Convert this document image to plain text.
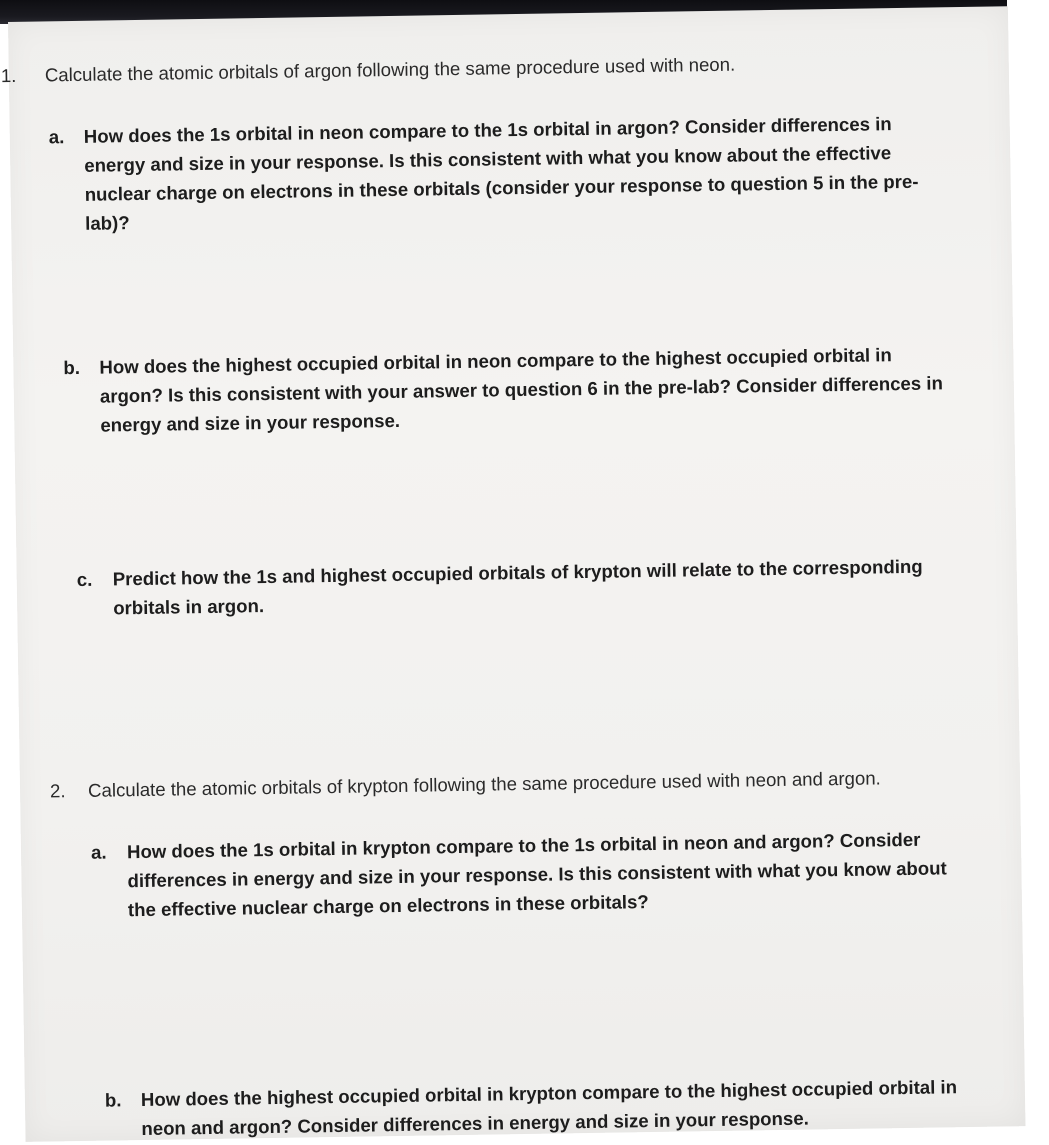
1. Calculate the atomic orbitals of argon following the same procedure used with neon.
a. How does the 1s orbital in neon compare to the 1s orbital in argon? Consider differences in
energy and size in your response. Is this consistent with what you know about the effective
nuclear charge on electrons in these orbitals (consider your response to question 5 in the pre-
lab)?
b. How does the highest occupied orbital in neon compare to the highest occupied orbital in
argon? Is this consistent with your answer to question 6 in the pre-lab? Consider differences in
energy and size in your response.
c. Predict how the 1s and highest occupied orbitals of krypton will relate to the corresponding
orbitals in argon.
2. Calculate the atomic orbitals of krypton following the same procedure used with neon and argon.
a. How does the 1s orbital in krypton compare to the 1s orbital in neon and argon? Consider
differences in energy and size in your response. Is this consistent with what you know about
the effective nuclear charge on electrons in these orbitals?
b. How does the highest occupied orbital in krypton compare to the highest occupied orbital in
neon and argon? Consider differences in energy and size in your response.
